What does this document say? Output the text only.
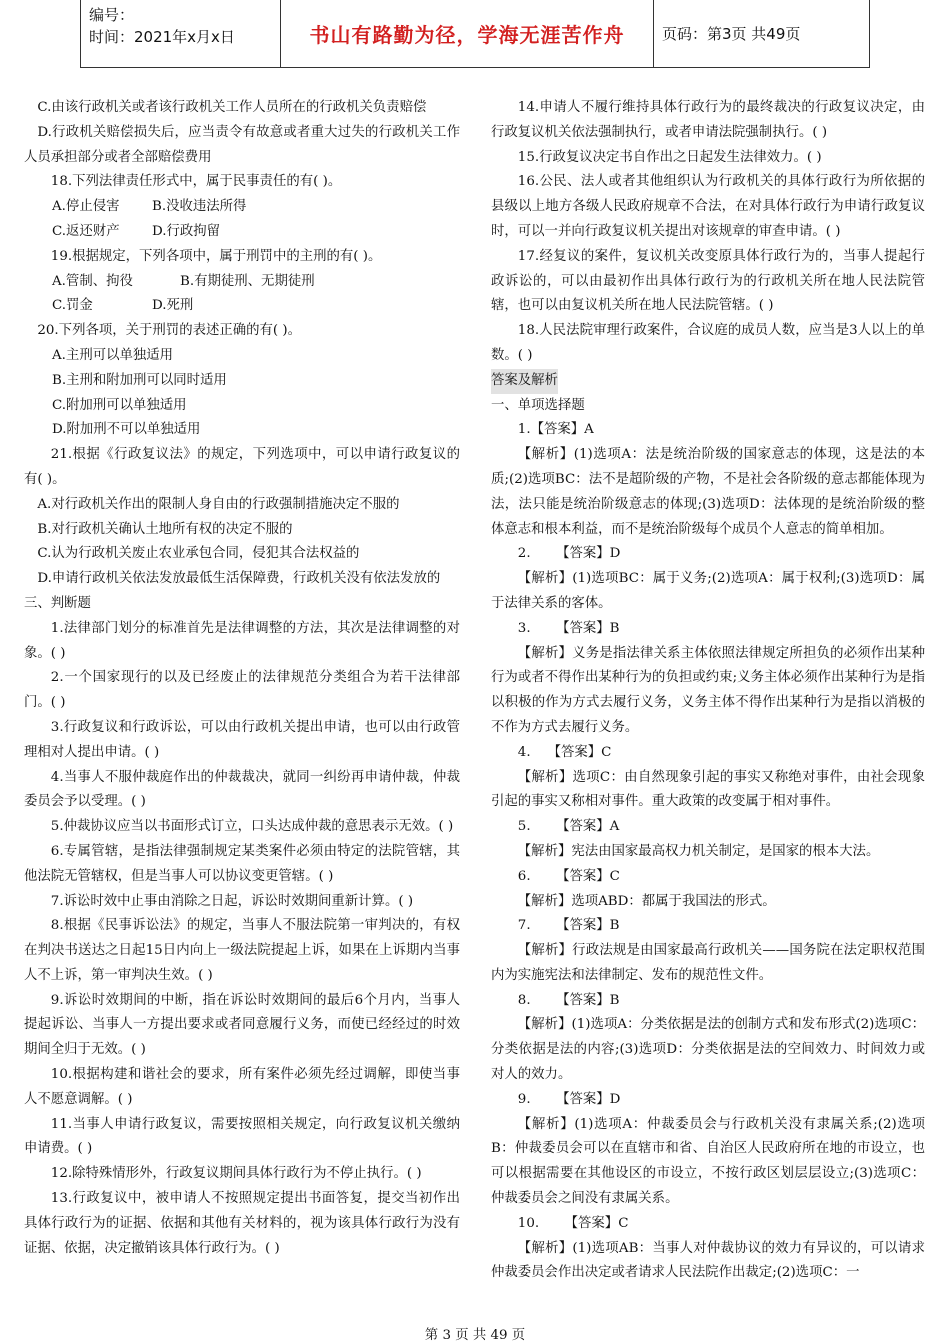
编号：
时间：2021年x月x日	书山有路勤为径，学海无涯苦作舟	页码：第3页 共49页

C.由该行政机关或者该行政机关工作人员所在的行政机关负责赔偿

D.行政机关赔偿损失后，应当责令有故意或者重大过失的行政机关工作人员承担部分或者全部赔偿费用

18.下列法律责任形式中，属于民事责任的有( )。

A.停止侵害 B.没收违法所得

C.返还财产 D.行政拘留

19.根据规定，下列各项中，属于刑罚中的主刑的有( )。

A.管制、拘役	B.有期徒刑、无期徒刑

C.罚金	D.死刑

20.下列各项，关于刑罚的表述正确的有( )。

A.主刑可以单独适用

B.主刑和附加刑可以同时适用

C.附加刑可以单独适用

D.附加刑不可以单独适用

21.根据《行政复议法》的规定，下列选项中，可以申请行政复议的有( )。

A.对行政机关作出的限制人身自由的行政强制措施决定不服的

B.对行政机关确认土地所有权的决定不服的

C.认为行政机关废止农业承包合同，侵犯其合法权益的

D.申请行政机关依法发放最低生活保障费，行政机关没有依法发放的

三、判断题

1.法律部门划分的标准首先是法律调整的方法，其次是法律调整的对象。( )

2.一个国家现行的以及已经废止的法律规范分类组合为若干法律部门。( )

3.行政复议和行政诉讼，可以由行政机关提出申请，也可以由行政管理相对人提出申请。( )

4.当事人不服仲裁庭作出的仲裁裁决，就同一纠纷再申请仲裁，仲裁委员会予以受理。( )

5.仲裁协议应当以书面形式订立，口头达成仲裁的意思表示无效。( )

6.专属管辖，是指法律强制规定某类案件必须由特定的法院管辖，其他法院无管辖权，但是当事人可以协议变更管辖。( )

7.诉讼时效中止事由消除之日起，诉讼时效期间重新计算。( )

8.根据《民事诉讼法》的规定，当事人不服法院第一审判决的，有权在判决书送达之日起15日内向上一级法院提起上诉，如果在上诉期内当事人不上诉，第一审判决生效。( )

9.诉讼时效期间的中断，指在诉讼时效期间的最后6个月内，当事人提起诉讼、当事人一方提出要求或者同意履行义务，而使已经经过的时效期间全归于无效。( )

10.根据构建和谐社会的要求，所有案件必须先经过调解，即使当事人不愿意调解。( )

11.当事人申请行政复议，需要按照相关规定，向行政复议机关缴纳申请费。( )

12.除特殊情形外，行政复议期间具体行政行为不停止执行。( )

13.行政复议中，被申请人不按照规定提出书面答复，提交当初作出具体行政行为的证据、依据和其他有关材料的，视为该具体行政行为没有证据、依据，决定撤销该具体行政行为。( )

14.申请人不履行维持具体行政行为的最终裁决的行政复议决定，由行政复议机关依法强制执行，或者申请法院强制执行。( )

15.行政复议决定书自作出之日起发生法律效力。( )

16.公民、法人或者其他组织认为行政机关的具体行政行为所依据的县级以上地方各级人民政府规章不合法，在对具体行政行为申请行政复议时，可以一并向行政复议机关提出对该规章的审查申请。( )

17.经复议的案件，复议机关改变原具体行政行为的，当事人提起行政诉讼的，可以由最初作出具体行政行为的行政机关所在地人民法院管辖，也可以由复议机关所在地人民法院管辖。( )

18.人民法院审理行政案件，合议庭的成员人数，应当是3人以上的单数。( )

答案及解析

一、单项选择题

1.【答案】A

【解析】(1)选项A：法是统治阶级的国家意志的体现，这是法的本质;(2)选项BC：法不是超阶级的产物，不是社会各阶级的意志都能体现为法，法只能是统治阶级意志的体现;(3)选项D：法体现的是统治阶级的整体意志和根本利益，而不是统治阶级每个成员个人意志的简单相加。

2.      【答案】D

【解析】(1)选项BC：属于义务;(2)选项A：属于权利;(3)选项D：属于法律关系的客体。

3.      【答案】B

【解析】义务是指法律关系主体依照法律规定所担负的必须作出某种行为或者不得作出某种行为的负担或约束;义务主体必须作出某种行为是指以积极的作为方式去履行义务，义务主体不得作出某种行为是指以消极的不作为方式去履行义务。

4.    【答案】C

【解析】选项C：由自然现象引起的事实又称绝对事件，由社会现象引起的事实又称相对事件。重大政策的改变属于相对事件。

5.      【答案】A

【解析】宪法由国家最高权力机关制定，是国家的根本大法。

6.      【答案】C

【解析】选项ABD：都属于我国法的形式。

7.      【答案】B

【解析】行政法规是由国家最高行政机关——国务院在法定职权范围内为实施宪法和法律制定、发布的规范性文件。

8.      【答案】B

【解析】(1)选项A：分类依据是法的创制方式和发布形式(2)选项C：分类依据是法的内容;(3)选项D：分类依据是法的空间效力、时间效力或对人的效力。

9.      【答案】D

【解析】(1)选项A：仲裁委员会与行政机关没有隶属关系;(2)选项B：仲裁委员会可以在直辖市和省、自治区人民政府所在地的市设立，也可以根据需要在其他设区的市设立，不按行政区划层层设立;(3)选项C：仲裁委员会之间没有隶属关系。

10.      【答案】C

【解析】(1)选项AB：当事人对仲裁协议的效力有异议的，可以请求仲裁委员会作出决定或者请求人民法院作出裁定;(2)选项C：一

第 3 页 共 49 页
